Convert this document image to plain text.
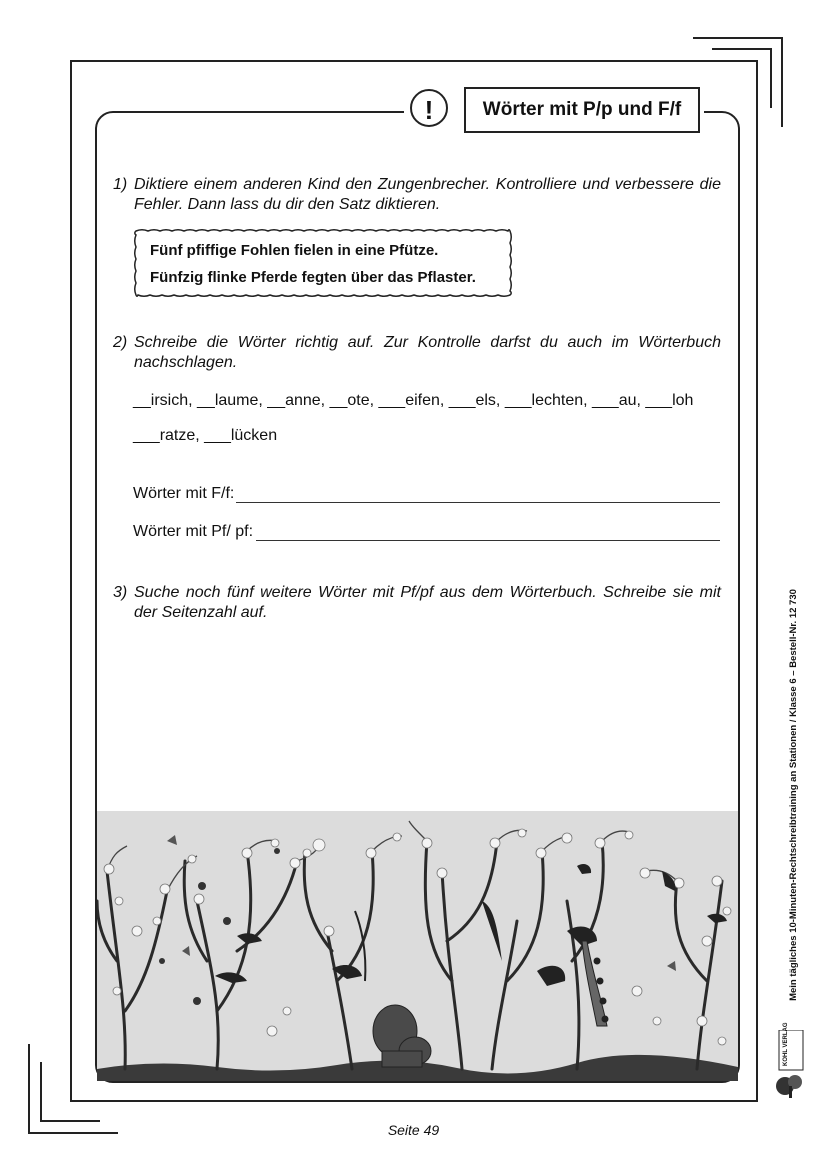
!	Wörter mit P/p und F/f
1) Diktiere einem anderen Kind den Zungenbrecher. Kontrolliere und verbessere die Fehler. Dann lass du dir den Satz diktieren.
Fünf pfiffige Fohlen fielen in eine Pfütze.
Fünfzig flinke Pferde fegten über das Pflaster.
2) Schreibe die Wörter richtig auf. Zur Kontrolle darfst du auch im Wörterbuch nachschlagen.
__irsich, __laume, __anne, __ote, ___eifen, ___els, ___lechten, ___au, ___loh
___ratze, ___lücken
Wörter mit F/f:
Wörter mit Pf/ pf:
3) Suche noch fünf weitere Wörter mit Pf/pf aus dem Wörterbuch. Schreibe sie mit der Seitenzahl auf.	Mein tägliches 10-Minuten-Rechtschreibtraining an Stationen / Klasse 6 – Bestell-Nr. 12 730
KOHL VERLAG
Seite 49
